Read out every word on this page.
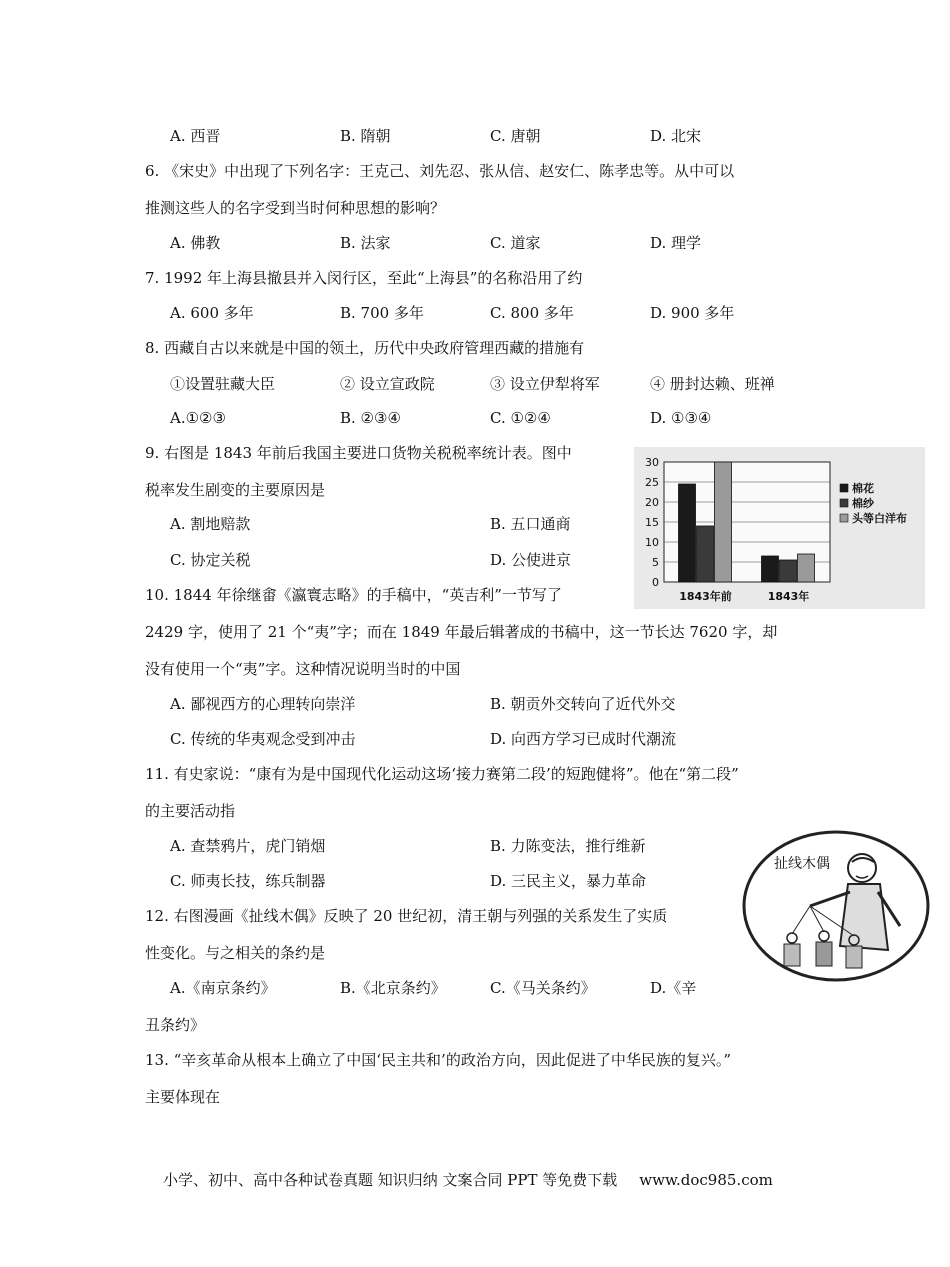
A. 西晋	B. 隋朝	C. 唐朝	D. 北宋
6. 《宋史》中出现了下列名字：王克己、刘先忍、张从信、赵安仁、陈孝忠等。从中可以
推测这些人的名字受到当时何种思想的影响？
A. 佛教	B. 法家	C. 道家	D. 理学
7. 1992 年上海县撤县并入闵行区，至此“上海县”的名称沿用了约
A. 600 多年	B. 700 多年	C. 800 多年	D. 900 多年
8. 西藏自古以来就是中国的领土，历代中央政府管理西藏的措施有
①设置驻藏大臣	② 设立宣政院	③ 设立伊犁将军	④ 册封达赖、班禅
A.①②③	B. ②③④	C. ①②④	D. ①③④
9. 右图是 1843 年前后我国主要进口货物关税税率统计表。图中
税率发生剧变的主要原因是
A. 割地赔款	B. 五口通商
C. 协定关税	D. 公使进京
0
5
10
15
20
25
30
1843年前	1843年
棉花
棉纱
头等白洋布
10. 1844 年徐继畬《瀛寰志略》的手稿中，“英吉利”一节写了
2429 字，使用了 21 个“夷”字；而在 1849 年最后辑著成的书稿中，这一节长达 7620 字，却
没有使用一个“夷”字。这种情况说明当时的中国
A. 鄙视西方的心理转向崇洋	B. 朝贡外交转向了近代外交
C. 传统的华夷观念受到冲击	D. 向西方学习已成时代潮流
11. 有史家说：“康有为是中国现代化运动这场‘接力赛第二段’的短跑健将”。他在“第二段”
的主要活动指
A. 查禁鸦片，虎门销烟	B. 力陈变法，推行维新
C. 师夷长技，练兵制器	D. 三民主义，暴力革命
扯线木偶
12. 右图漫画《扯线木偶》反映了 20 世纪初，清王朝与列强的关系发生了实质
性变化。与之相关的条约是
A.《南京条约》	B.《北京条约》	C.《马关条约》	D.《辛
丑条约》
13. “辛亥革命从根本上确立了中国‘民主共和’的政治方向，因此促进了中华民族的复兴。”
主要体现在
小学、初中、高中各种试卷真题 知识归纳 文案合同 PPT 等免费下载 www.doc985.com
